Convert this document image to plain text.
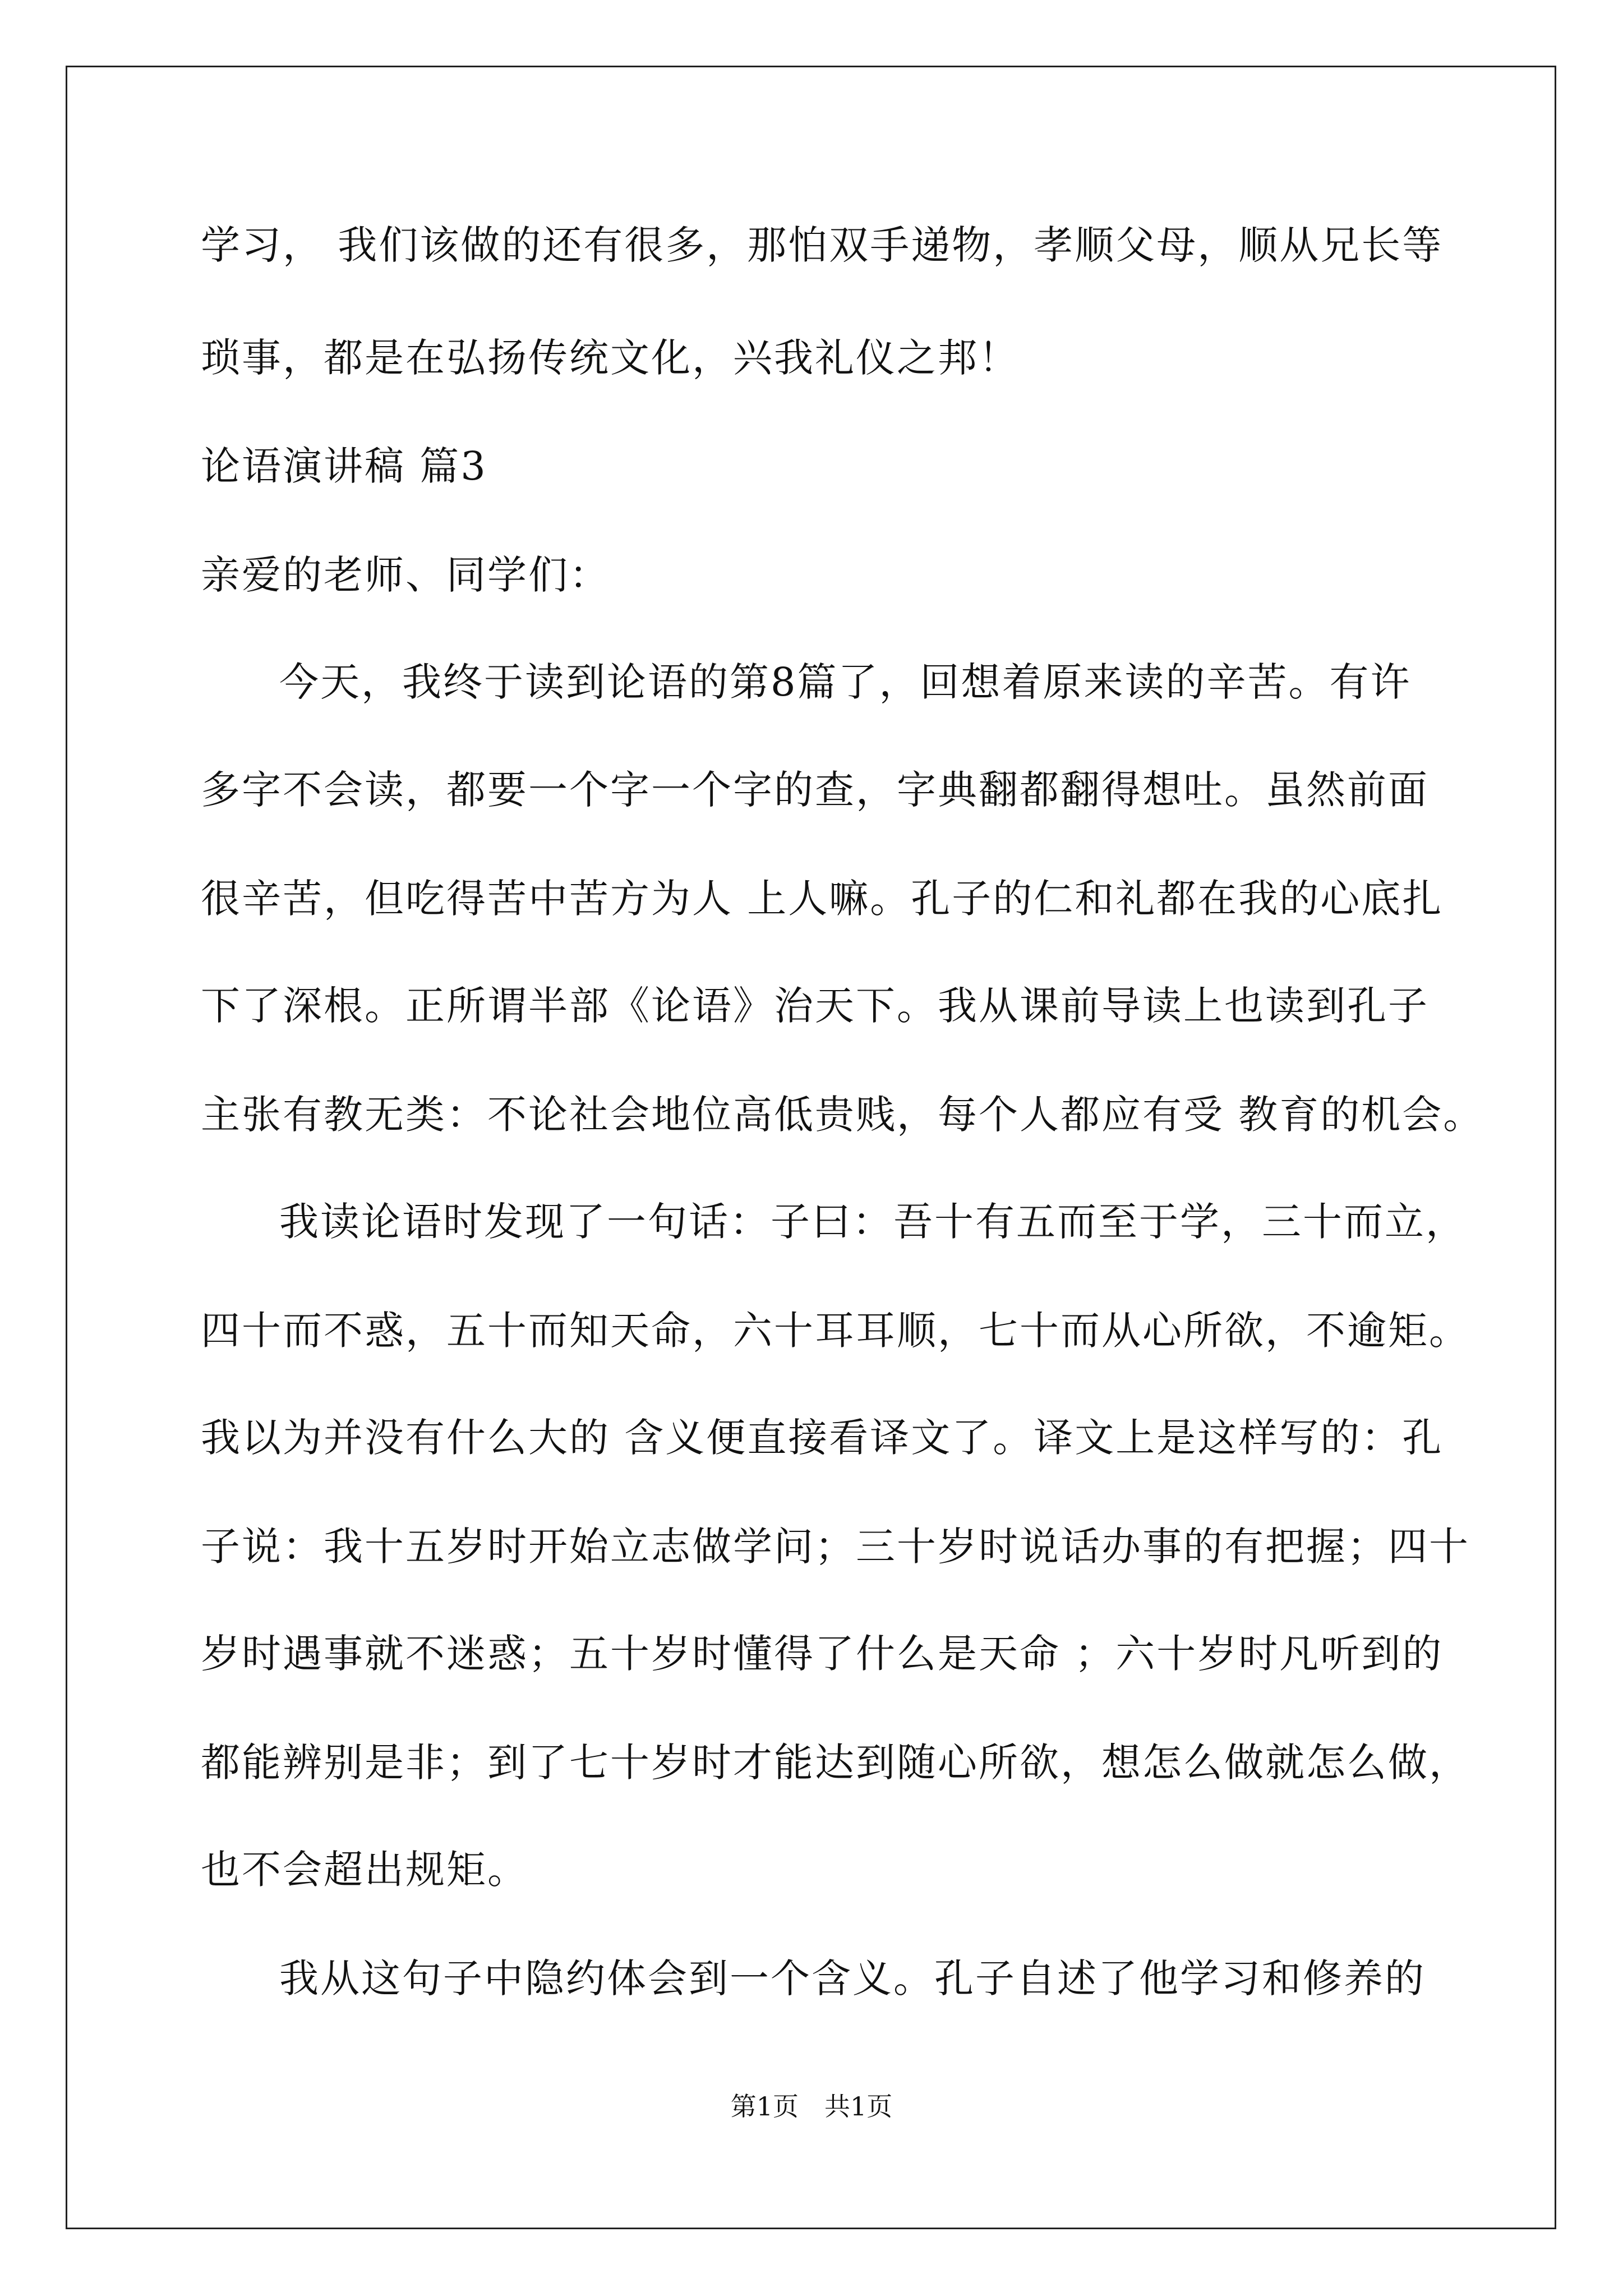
学习， 我们该做的还有很多，那怕双手递物，孝顺父母，顺从兄长等
琐事，都是在弘扬传统文化，兴我礼仪之邦！
论语演讲稿 篇3
亲爱的老师、同学们：
今天，我终于读到论语的第8篇了，回想着原来读的辛苦。有许
多字不会读，都要一个字一个字的查，字典翻都翻得想吐。虽然前面
很辛苦，但吃得苦中苦方为人 上人嘛。孔子的仁和礼都在我的心底扎
下了深根。正所谓半部《论语》治天下。我从课前导读上也读到孔子
主张有教无类：不论社会地位高低贵贱，每个人都应有受 教育的机会。
我读论语时发现了一句话：子曰：吾十有五而至于学，三十而立，
四十而不惑，五十而知天命，六十耳耳顺，七十而从心所欲，不逾矩。
我以为并没有什么大的 含义便直接看译文了。译文上是这样写的：孔
子说：我十五岁时开始立志做学问；三十岁时说话办事的有把握；四十
岁时遇事就不迷惑；五十岁时懂得了什么是天命 ；六十岁时凡听到的
都能辨别是非；到了七十岁时才能达到随心所欲，想怎么做就怎么做，
也不会超出规矩。
我从这句子中隐约体会到一个含义。孔子自述了他学习和修养的
第1页　共1页
